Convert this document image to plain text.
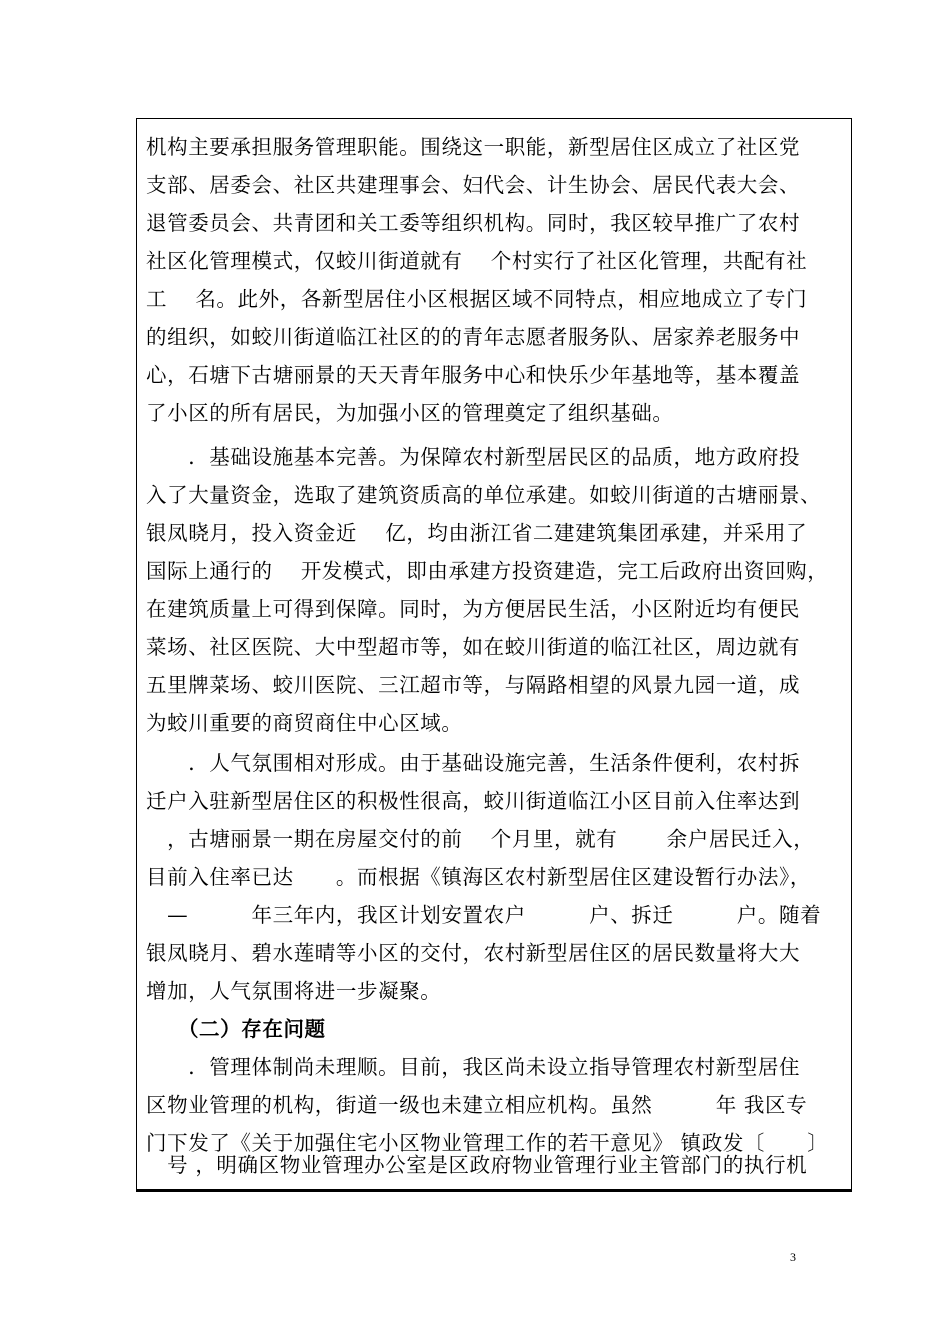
机构主要承担服务管理职能。围绕这一职能，新型居住区成立了社区党
支部、居委会、社区共建理事会、妇代会、计生协会、居民代表大会、
退管委员会、共青团和关工委等组织机构。同时，我区较早推广了农村
社区化管理模式，仅蛟川街道就有　 个村实行了社区化管理，共配有社
工　 名。此外，各新型居住小区根据区域不同特点，相应地成立了专门
的组织，如蛟川街道临江社区的的青年志愿者服务队、居家养老服务中
心，石塘下古塘丽景的天天青年服务中心和快乐少年基地等，基本覆盖
了小区的所有居民，为加强小区的管理奠定了组织基础。
　　．基础设施基本完善。为保障农村新型居民区的品质，地方政府投
入了大量资金，选取了建筑资质高的单位承建。如蛟川街道的古塘丽景、
银凤晓月，投入资金近　 亿，均由浙江省二建建筑集团承建，并采用了
国际上通行的　 开发模式，即由承建方投资建造，完工后政府出资回购，
在建筑质量上可得到保障。同时，为方便居民生活，小区附近均有便民
菜场、社区医院、大中型超市等，如在蛟川街道的临江社区，周边就有
五里牌菜场、蛟川医院、三江超市等，与隔路相望的风景九园一道，成
为蛟川重要的商贸商住中心区域。
　　．人气氛围相对形成。由于基础设施完善，生活条件便利，农村拆
迁户入驻新型居住区的积极性很高，蛟川街道临江小区目前入住率达到
　，古塘丽景一期在房屋交付的前　 个月里，就有　　 余户居民迁入，
目前入住率已达　　。而根据《镇海区农村新型居住区建设暂行办法》，
　—　　　年三年内，我区计划安置农户　　　户、拆迁　　　户。随着
银凤晓月、碧水莲晴等小区的交付，农村新型居住区的居民数量将大大
增加，人气氛围将进一步凝聚。
　　（二）存在问题
　　．管理体制尚未理顺。目前，我区尚未设立指导管理农村新型居住
区物业管理的机构，街道一级也未建立相应机构。虽然　　　年 我区专
门下发了《关于加强住宅小区物业管理工作的若干意见》 镇政发〔　　〕
　号 ，明确区物业管理办公室是区政府物业管理行业主管部门的执行机
3
